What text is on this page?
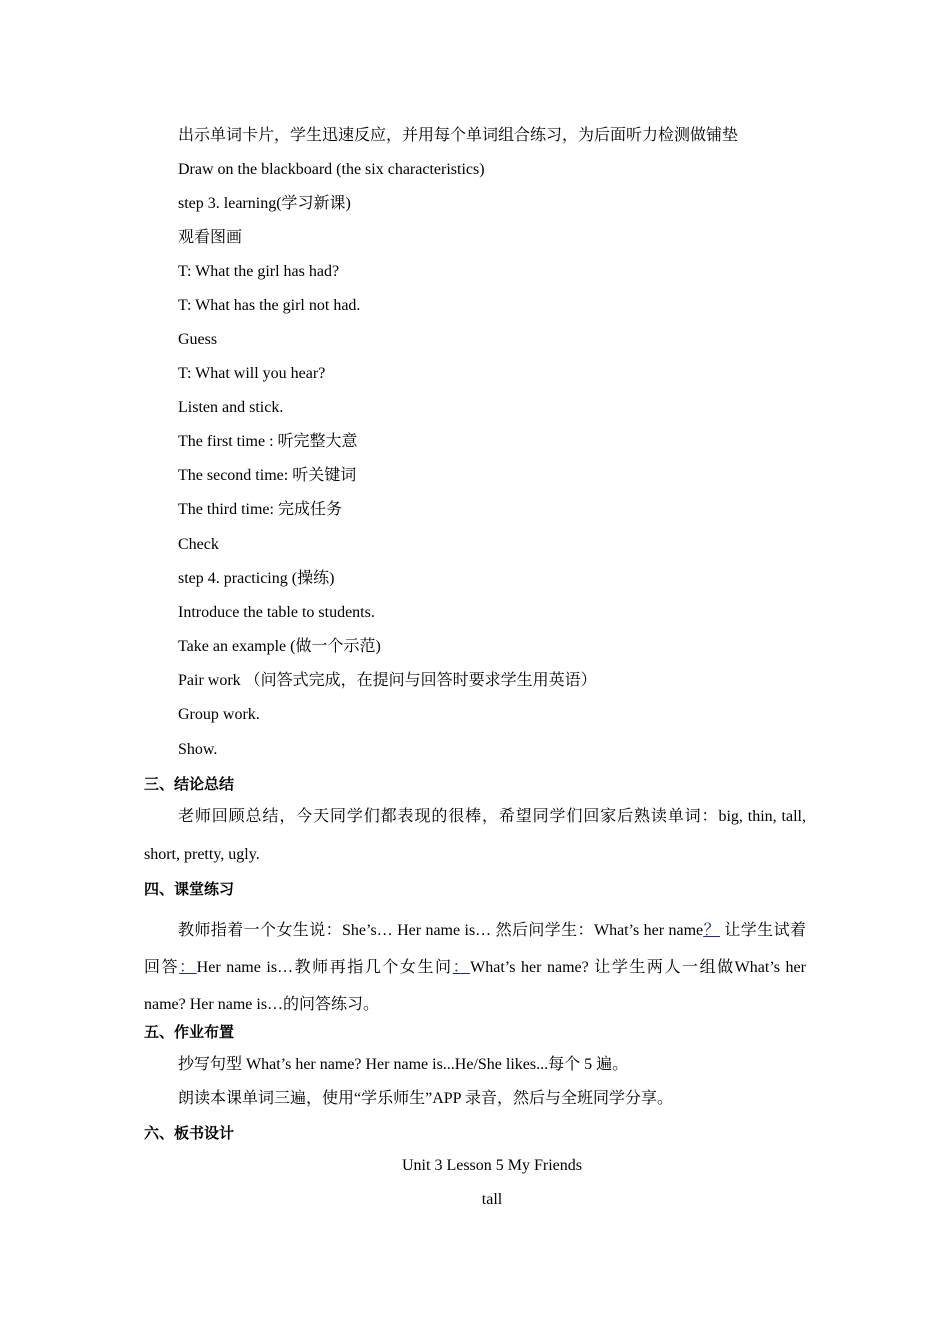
出示单词卡片，学生迅速反应，并用每个单词组合练习，为后面听力检测做铺垫

Draw on the blackboard (the six characteristics)

step 3. learning(学习新课)

观看图画

T: What the girl has had?

T: What has the girl not had.

Guess

T: What will you hear?

Listen and stick.

The first time : 听完整大意

The second time: 听关键词

The third time: 完成任务

Check

step 4. practicing (操练)

Introduce the table to students.

Take an example (做一个示范)

Pair work （问答式完成，在提问与回答时要求学生用英语）

Group work.

Show.

三、结论总结

老师回顾总结，今天同学们都表现的很棒，希望同学们回家后熟读单词：big, thin, tall,

short, pretty, ugly.

四、课堂练习

教师指着一个女生说：She’s… Her name is… 然后问学生：What’s her name？ 让学生试着回答：Her name is…教师再指几个女生问：What’s her name? 让学生两人一组做What’s her name? Her name is…的问答练习。

五、作业布置

抄写句型 What’s her name? Her name is...He/She likes...每个 5 遍。

朗读本课单词三遍，使用“学乐师生”APP 录音，然后与全班同学分享。

六、板书设计

Unit 3 Lesson 5 My Friends

tall
